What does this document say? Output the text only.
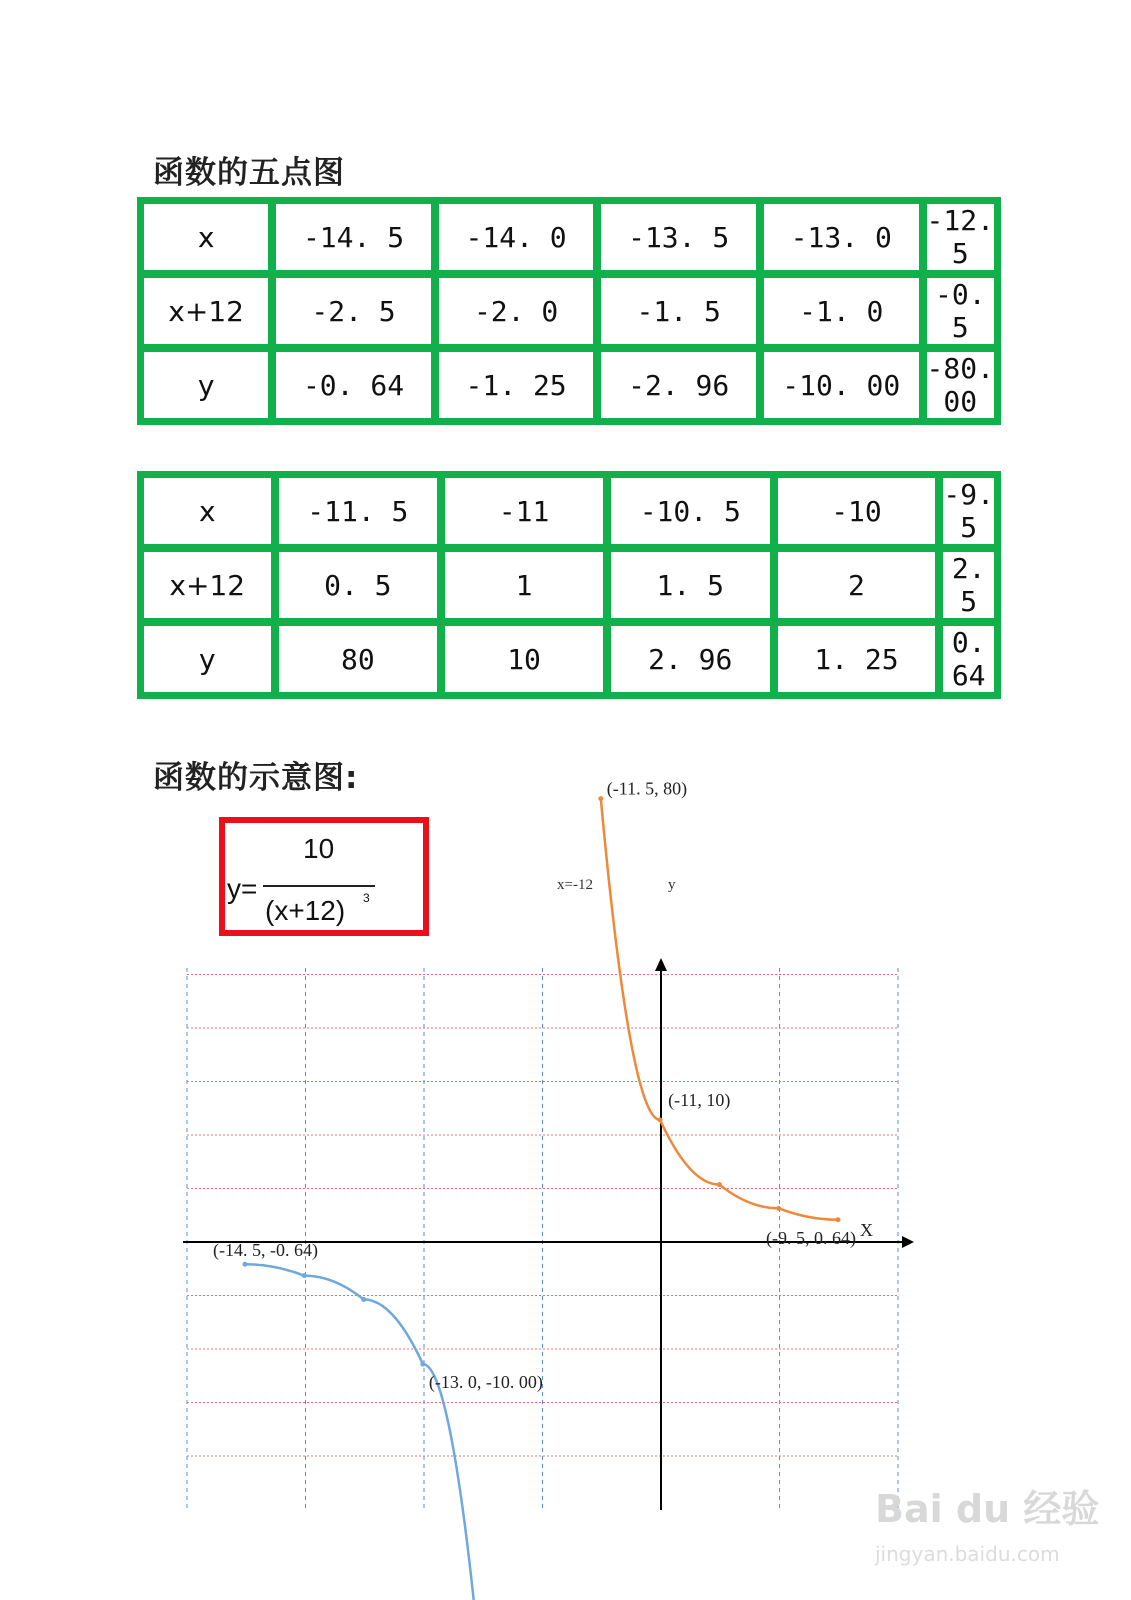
函数的五点图
x	-14. 5	-14. 0	-13. 5	-13. 0	-12. 5
x+12	-2. 5	-2. 0	-1. 5	-1. 0	-0. 5
y	-0. 64	-1. 25	-2. 96	-10. 00	-80. 00
x	-11. 5	-11	-10. 5	-10	-9. 5
x+12	0. 5	1	1. 5	2	2. 5
y	80	10	2. 96	1. 25	0. 64
函数的示意图:
10
y=
(x+12) 3
x=-12	y
X
(-14. 5, -0. 64)
(-13. 0, -10. 00)
(-11. 5, 80)
(-11, 10)
(-9. 5, 0. 64)
Bai du 经验
jingyan.baidu.com
